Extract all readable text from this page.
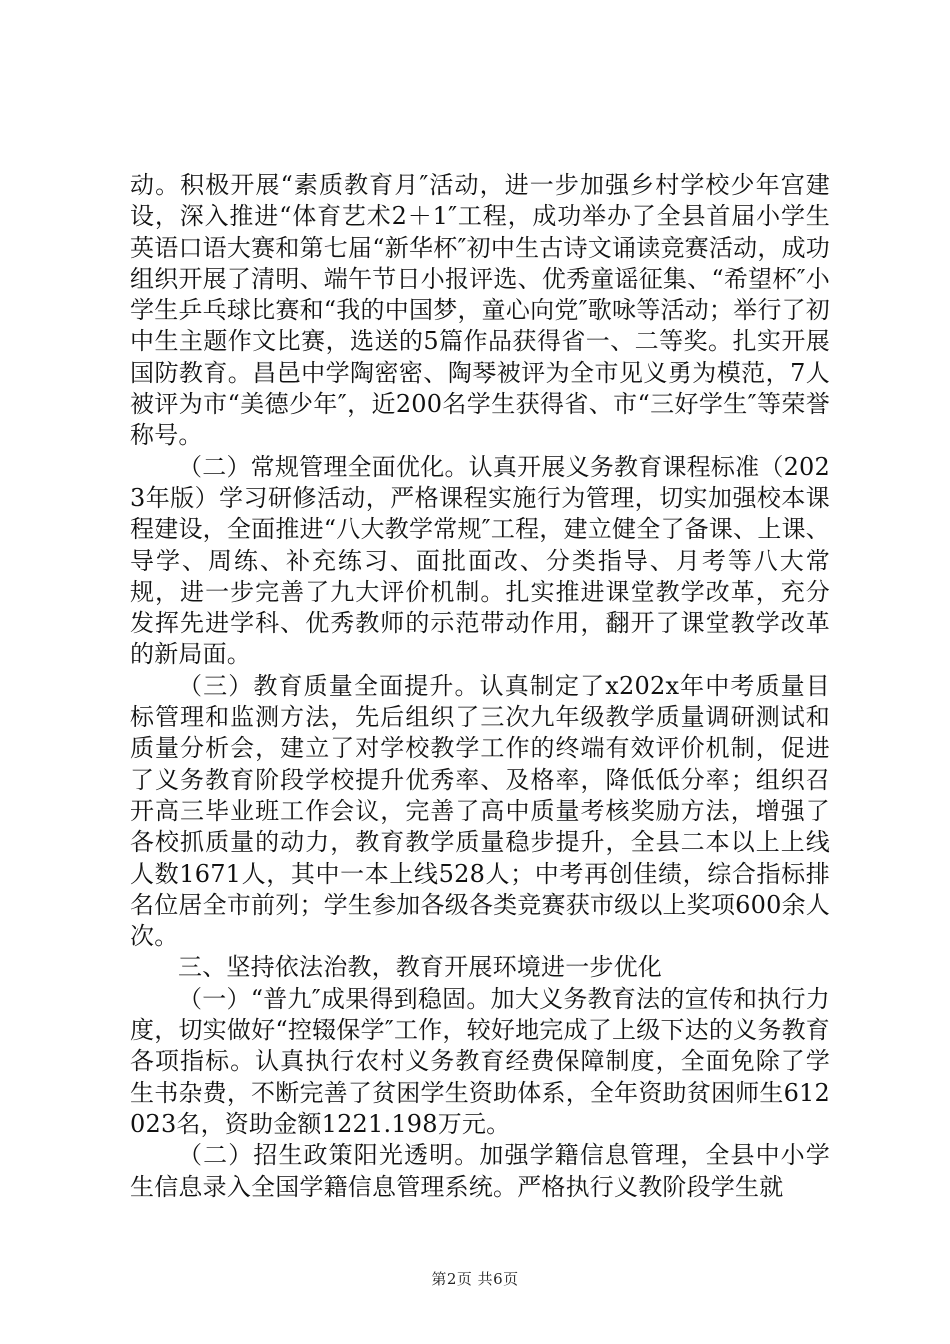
动。积极开展“素质教育月″活动，进一步加强乡村学校少年宫建设，深入推进“体育艺术2＋1″工程，成功举办了全县首届小学生英语口语大赛和第七届“新华杯″初中生古诗文诵读竞赛活动，成功组织开展了清明、端午节日小报评选、优秀童谣征集、“希望杯″小学生乒乓球比赛和“我的中国梦，童心向党″歌咏等活动；举行了初中生主题作文比赛，选送的5篇作品获得省一、二等奖。扎实开展国防教育。昌邑中学陶密密、陶琴被评为全市见义勇为模范，7人被评为市“美德少年″，近200名学生获得省、市“三好学生″等荣誉称号。

（二）常规管理全面优化。认真开展义务教育课程标准（2023年版）学习研修活动，严格课程实施行为管理，切实加强校本课程建设，全面推进“八大教学常规″工程，建立健全了备课、上课、导学、周练、补充练习、面批面改、分类指导、月考等八大常规，进一步完善了九大评价机制。扎实推进课堂教学改革，充分发挥先进学科、优秀教师的示范带动作用，翻开了课堂教学改革的新局面。

（三）教育质量全面提升。认真制定了x202x年中考质量目标管理和监测方法，先后组织了三次九年级教学质量调研测试和质量分析会，建立了对学校教学工作的终端有效评价机制，促进了义务教育阶段学校提升优秀率、及格率，降低低分率；组织召开高三毕业班工作会议，完善了高中质量考核奖励方法，增强了各校抓质量的动力，教育教学质量稳步提升，全县二本以上上线人数1671人，其中一本上线528人；中考再创佳绩，综合指标排名位居全市前列；学生参加各级各类竞赛获市级以上奖项600余人次。

三、坚持依法治教，教育开展环境进一步优化

（一）“普九″成果得到稳固。加大义务教育法的宣传和执行力度，切实做好“控辍保学″工作，较好地完成了上级下达的义务教育各项指标。认真执行农村义务教育经费保障制度，全面免除了学生书杂费，不断完善了贫困学生资助体系，全年资助贫困师生612023名，资助金额1221.198万元。

（二）招生政策阳光透明。加强学籍信息管理，全县中小学生信息录入全国学籍信息管理系统。严格执行义教阶段学生就

第2页 共6页
